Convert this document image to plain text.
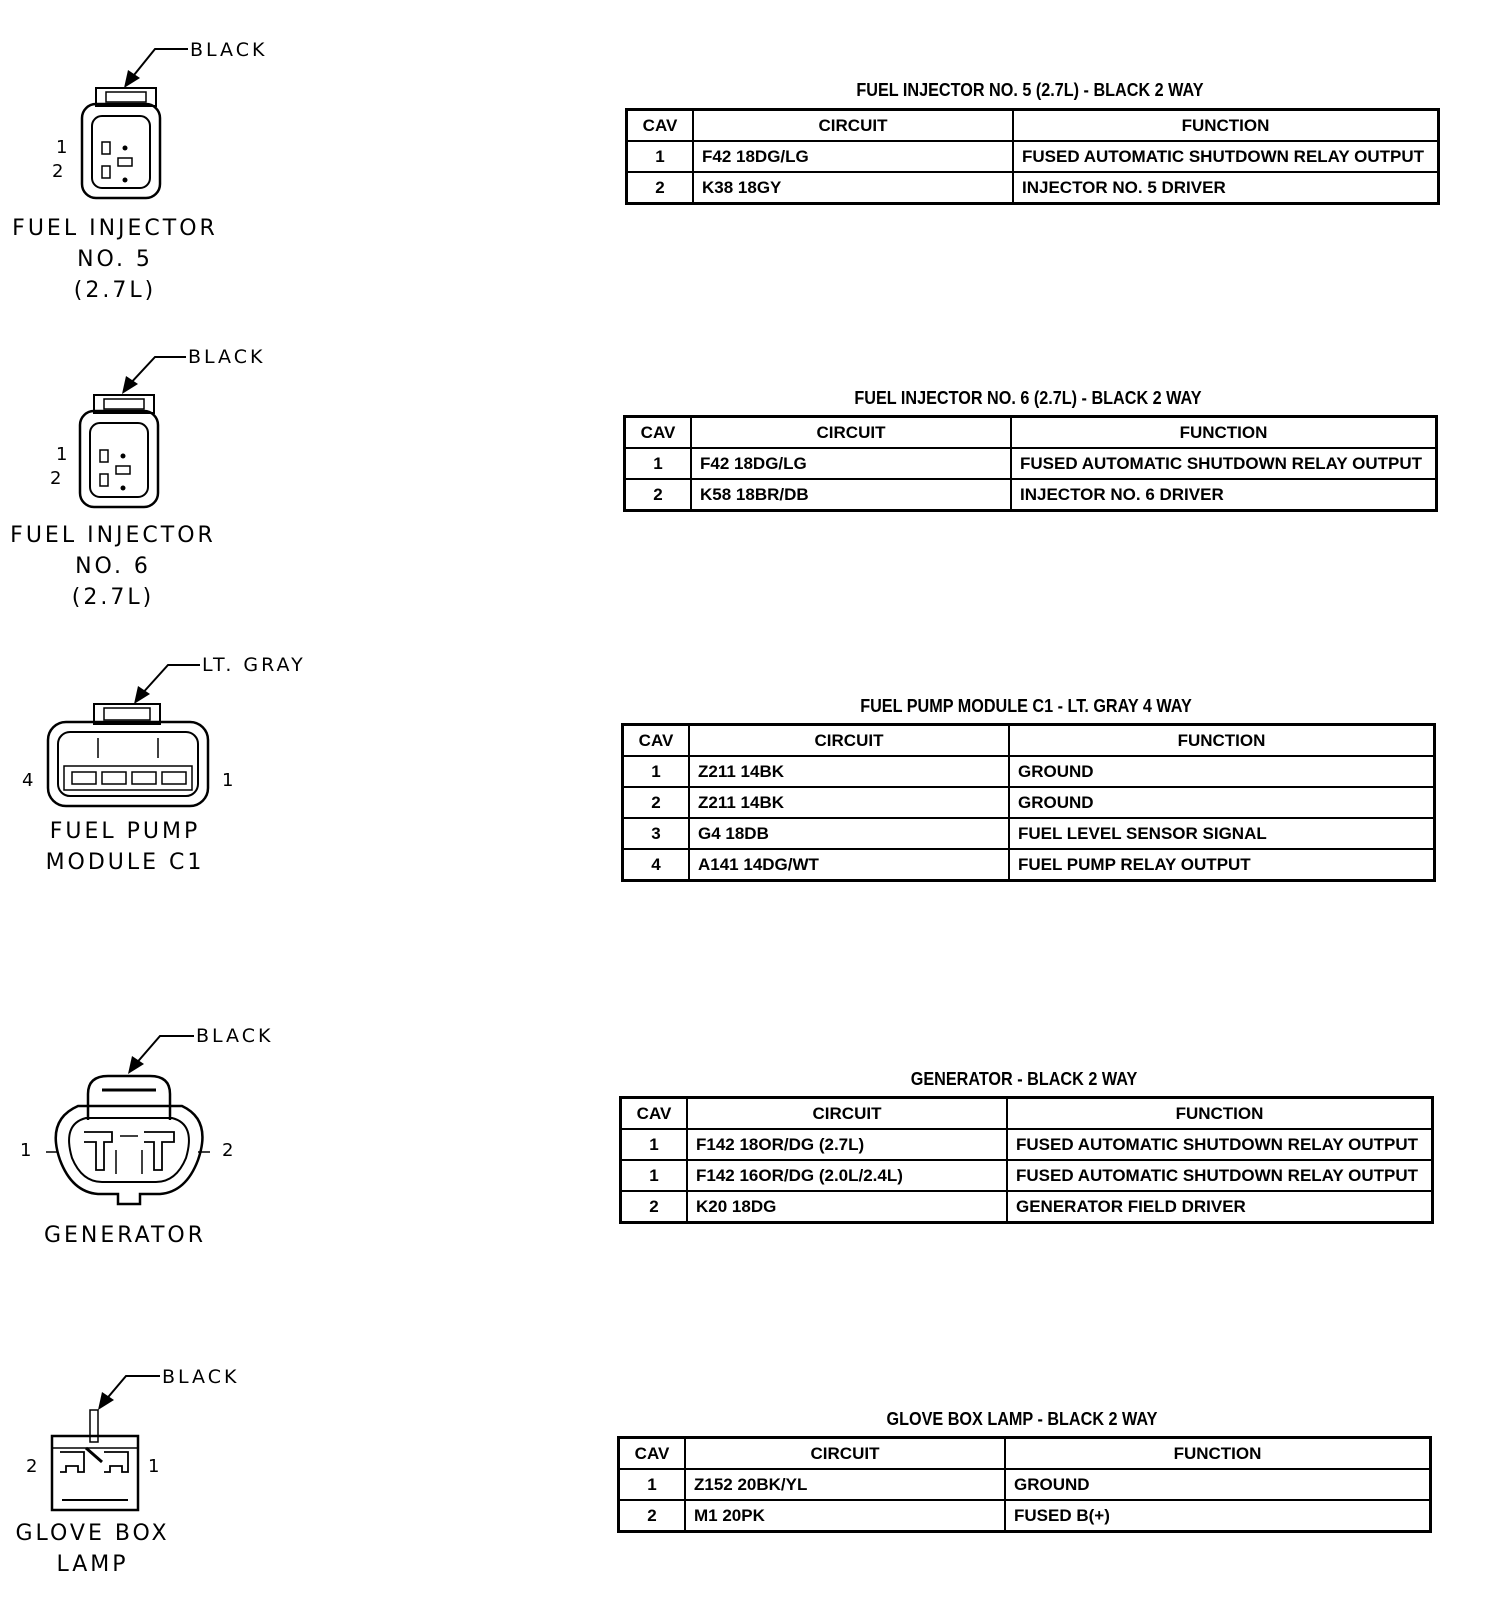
BLACK
1
2
FUEL INJECTOR
NO. 5
(2.7L)
FUEL INJECTOR NO. 5 (2.7L) - BLACK 2 WAY
CAV	CIRCUIT	FUNCTION
1	F42 18DG/LG	FUSED AUTOMATIC SHUTDOWN RELAY OUTPUT
2	K38 18GY	INJECTOR NO. 5 DRIVER
BLACK
1
2
FUEL INJECTOR
NO. 6
(2.7L)
FUEL INJECTOR NO. 6 (2.7L) - BLACK 2 WAY
CAV	CIRCUIT	FUNCTION
1	F42 18DG/LG	FUSED AUTOMATIC SHUTDOWN RELAY OUTPUT
2	K58 18BR/DB	INJECTOR NO. 6 DRIVER
LT. GRAY
4	1
FUEL PUMP
MODULE C1
FUEL PUMP MODULE C1 - LT. GRAY 4 WAY
CAV	CIRCUIT	FUNCTION
1	Z211 14BK	GROUND
2	Z211 14BK	GROUND
3	G4 18DB	FUEL LEVEL SENSOR SIGNAL
4	A141 14DG/WT	FUEL PUMP RELAY OUTPUT
BLACK
1	2
GENERATOR
GENERATOR - BLACK 2 WAY
CAV	CIRCUIT	FUNCTION
1	F142 18OR/DG (2.7L)	FUSED AUTOMATIC SHUTDOWN RELAY OUTPUT
1	F142 16OR/DG (2.0L/2.4L)	FUSED AUTOMATIC SHUTDOWN RELAY OUTPUT
2	K20 18DG	GENERATOR FIELD DRIVER
BLACK
2	1
GLOVE BOX
LAMP
GLOVE BOX LAMP - BLACK 2 WAY
CAV	CIRCUIT	FUNCTION
1	Z152 20BK/YL	GROUND
2	M1 20PK	FUSED B(+)
